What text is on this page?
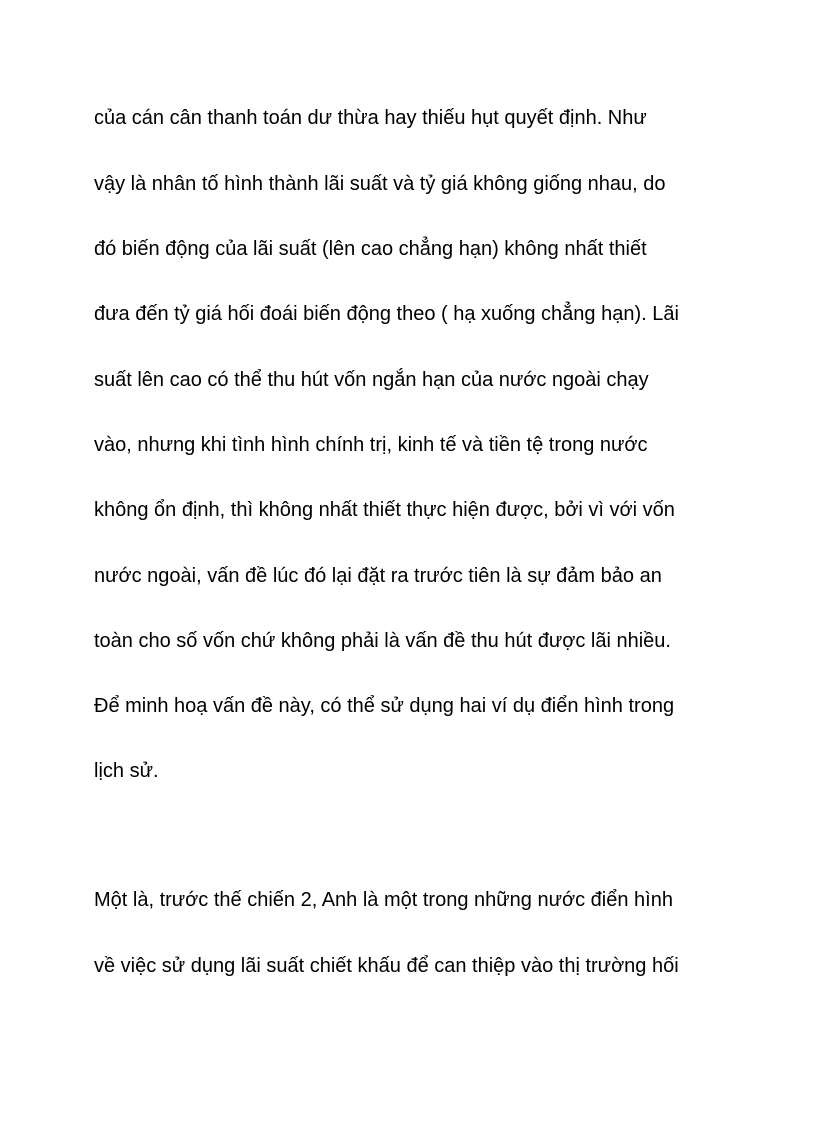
của cán cân thanh toán dư thừa hay thiếu hụt quyết định. Như
vậy là nhân tố hình thành lãi suất và tỷ giá không giống nhau, do
đó biến động của lãi suất (lên cao chẳng hạn) không nhất thiết
đưa đến tỷ giá hối đoái biến động theo ( hạ xuống chẳng hạn). Lãi
suất lên cao có thể thu hút vốn ngắn hạn của nước ngoài chạy
vào, nhưng khi tình hình chính trị, kinh tế và tiền tệ trong nước
không ổn định, thì không nhất thiết thực hiện được, bởi vì với vốn
nước ngoài, vấn đề lúc đó lại đặt ra trước tiên là sự đảm bảo an
toàn cho số vốn chứ không phải là vấn đề thu hút được lãi nhiều.
Để minh hoạ vấn đề này, có thể sử dụng hai ví dụ điển hình trong
lịch sử.
Một là, trước thế chiến 2, Anh là một trong những nước điển hình
về việc sử dụng lãi suất chiết khấu để can thiệp vào thị trường hối
